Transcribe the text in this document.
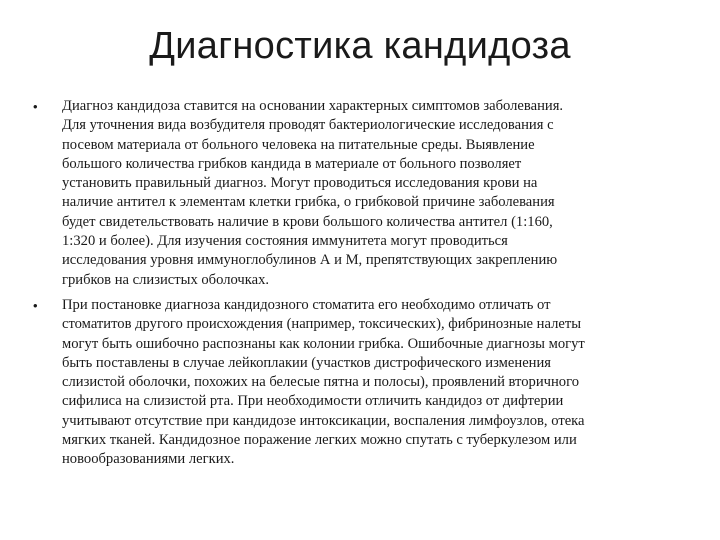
Диагностика кандидоза
•	Диагноз кандидоза ставится на основании характерных симптомов заболевания.
Для уточнения вида возбудителя проводят бактериологические исследования с
посевом материала от больного человека на питательные среды. Выявление
большого количества грибков кандида в материале от больного позволяет
установить правильный диагноз. Могут проводиться исследования крови на
наличие антител к элементам клетки грибка, о грибковой причине заболевания
будет свидетельствовать наличие в крови большого количества антител (1:160,
1:320 и более). Для изучения состояния иммунитета могут проводиться
исследования уровня иммуноглобулинов А и М, препятствующих закреплению
грибков на слизистых оболочках.
•	При постановке диагноза кандидозного стоматита его необходимо отличать от
стоматитов другого происхождения (например, токсических), фибринозные налеты
могут быть ошибочно распознаны как колонии грибка. Ошибочные диагнозы могут
быть поставлены в случае лейкоплакии (участков дистрофического изменения
слизистой оболочки, похожих на белесые пятна и полосы), проявлений вторичного
сифилиса на слизистой рта. При необходимости отличить кандидоз от дифтерии
учитывают отсутствие при кандидозе интоксикации, воспаления лимфоузлов, отека
мягких тканей. Кандидозное поражение легких можно спутать с туберкулезом или
новообразованиями легких.
